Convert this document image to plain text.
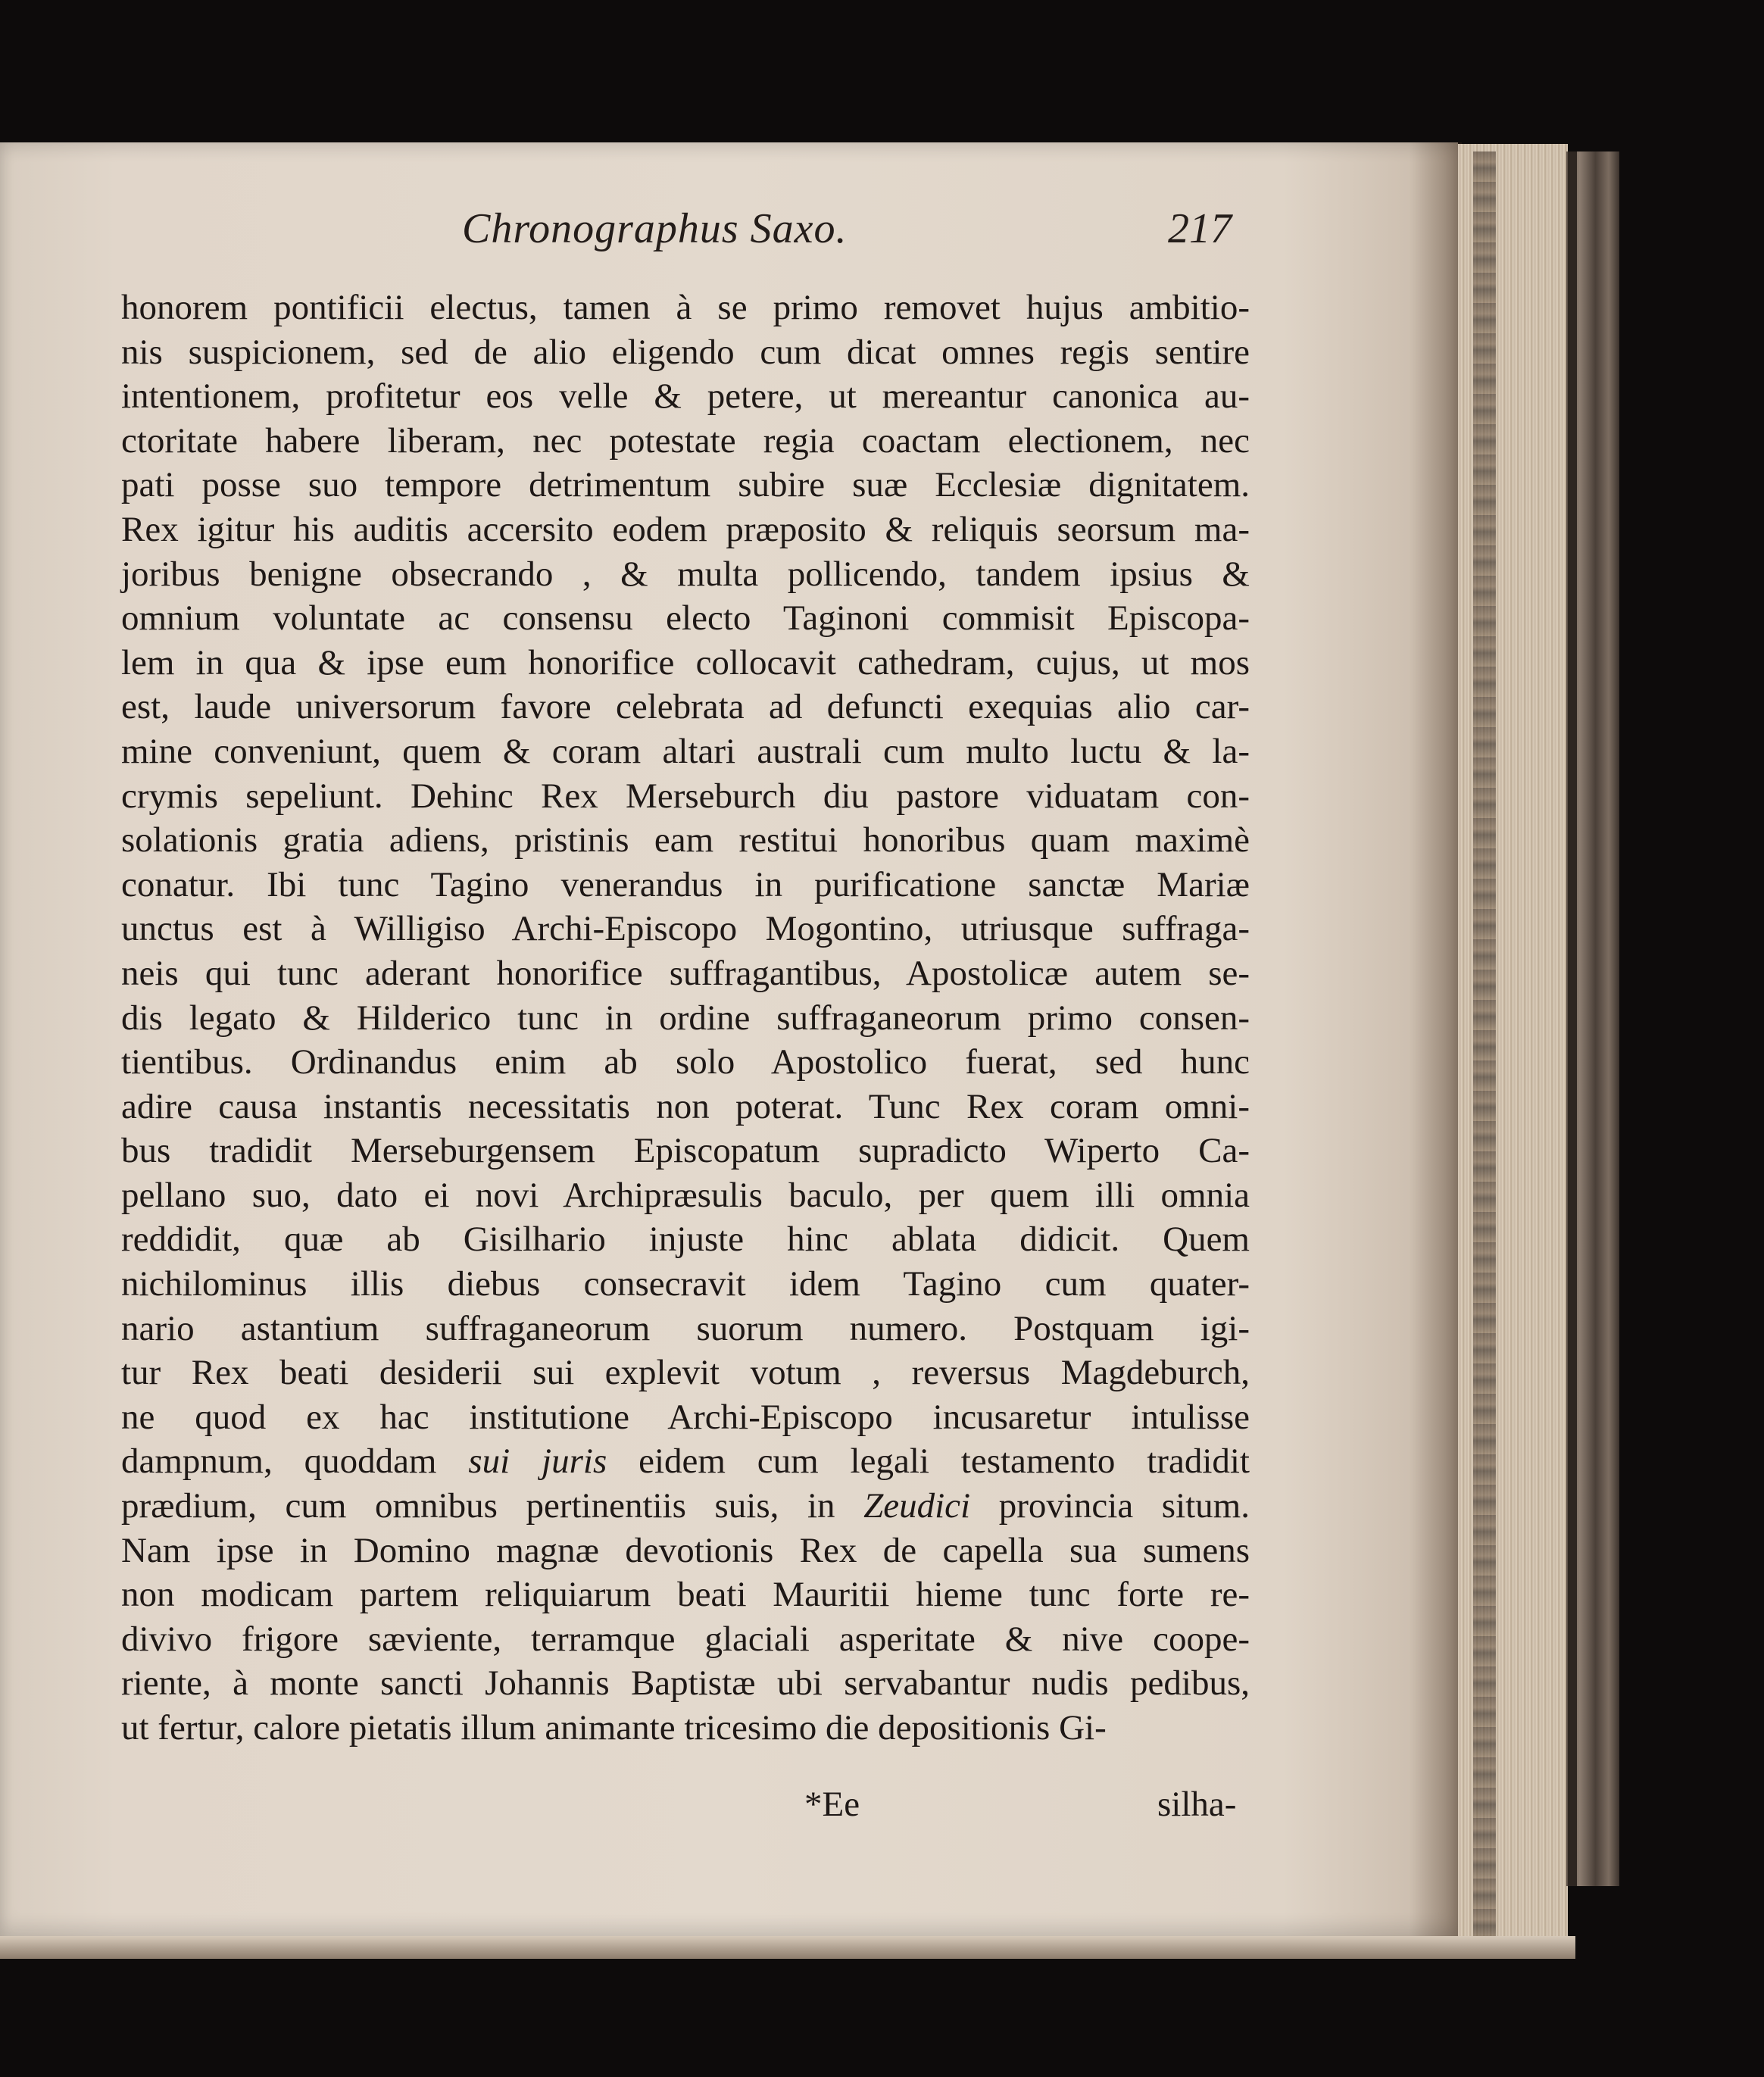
Chronographus Saxo.	217
honorem pontificii electus, tamen à se primo removet hujus ambitio-
nis suspicionem, sed de alio eligendo cum dicat omnes regis sentire
intentionem, profitetur eos velle & petere, ut mereantur canonica au-
ctoritate habere liberam, nec potestate regia coactam electionem, nec
pati posse suo tempore detrimentum subire suæ Ecclesiæ dignitatem.
Rex igitur his auditis accersito eodem præposito & reliquis seorsum ma-
joribus benigne obsecrando , & multa pollicendo, tandem ipsius &
omnium voluntate ac consensu electo Taginoni commisit Episcopa-
lem in qua & ipse eum honorifice collocavit cathedram, cujus, ut mos
est, laude universorum favore celebrata ad defuncti exequias alio car-
mine conveniunt, quem & coram altari australi cum multo luctu & la-
crymis sepeliunt. Dehinc Rex Merseburch diu pastore viduatam con-
solationis gratia adiens, pristinis eam restitui honoribus quam maximè
conatur. Ibi tunc Tagino venerandus in purificatione sanctæ Mariæ
unctus est à Willigiso Archi-Episcopo Mogontino, utriusque suffraga-
neis qui tunc aderant honorifice suffragantibus, Apostolicæ autem se-
dis legato & Hilderico tunc in ordine suffraganeorum primo consen-
tientibus. Ordinandus enim ab solo Apostolico fuerat, sed hunc
adire causa instantis necessitatis non poterat. Tunc Rex coram omni-
bus tradidit Merseburgensem Episcopatum supradicto Wiperto Ca-
pellano suo, dato ei novi Archipræsulis baculo, per quem illi omnia
reddidit, quæ ab Gisilhario injuste hinc ablata didicit. Quem
nichilominus illis diebus consecravit idem Tagino cum quater-
nario astantium suffraganeorum suorum numero. Postquam igi-
tur Rex beati desiderii sui explevit votum , reversus Magdeburch,
ne quod ex hac institutione Archi-Episcopo incusaretur intulisse
dampnum, quoddam sui juris eidem cum legali testamento tradidit
prædium, cum omnibus pertinentiis suis, in Zeudici provincia situm.
Nam ipse in Domino magnæ devotionis Rex de capella sua sumens
non modicam partem reliquiarum beati Mauritii hieme tunc forte re-
divivo frigore sæviente, terramque glaciali asperitate & nive coope-
riente, à monte sancti Johannis Baptistæ ubi servabantur nudis pedibus,
ut fertur, calore pietatis illum animante tricesimo die depositionis Gi-
*Ee	silha-
